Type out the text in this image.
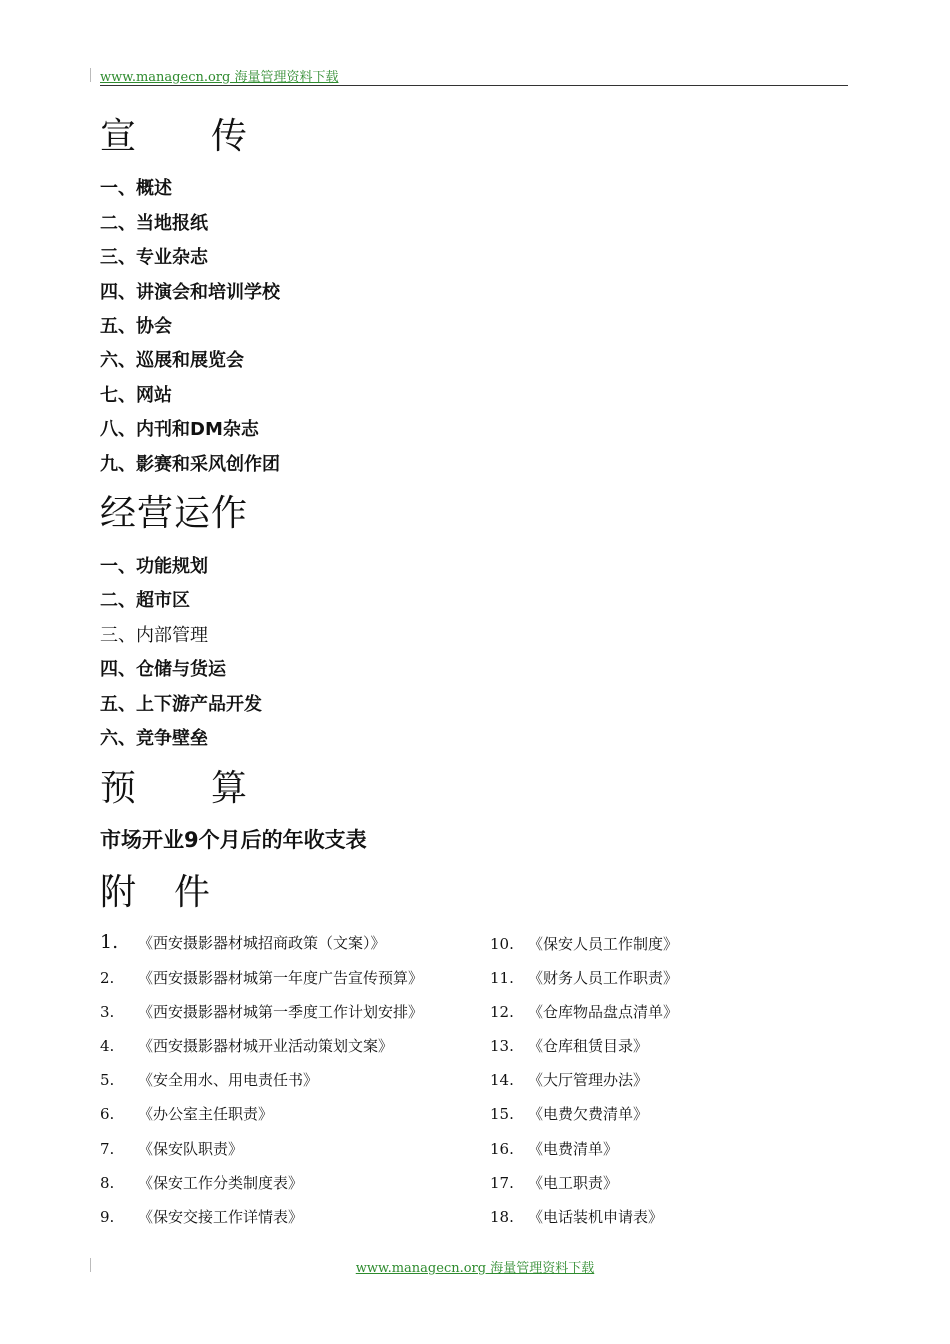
www.managecn.org 海量管理资料下载
宣　　传
一、概述
二、当地报纸
三、专业杂志
四、讲演会和培训学校
五、协会
六、巡展和展览会
七、网站
八、内刊和DM杂志
九、影赛和采风创作团
经营运作
一、功能规划
二、超市区
三、内部管理
四、仓储与货运
五、上下游产品开发
六、竞争壁垒
预　　算
市场开业9个月后的年收支表
附　件
1. 《西安摄影器材城招商政策（文案）》
2. 《西安摄影器材城第一年度广告宣传预算》
3. 《西安摄影器材城第一季度工作计划安排》
4. 《西安摄影器材城开业活动策划文案》
5. 《安全用水、用电责任书》
6. 《办公室主任职责》
7. 《保安队职责》
8. 《保安工作分类制度表》
9. 《保安交接工作详情表》
10. 《保安人员工作制度》
11. 《财务人员工作职责》
12. 《仓库物品盘点清单》
13. 《仓库租赁目录》
14. 《大厅管理办法》
15. 《电费欠费清单》
16. 《电费清单》
17. 《电工职责》
18. 《电话装机申请表》
www.managecn.org 海量管理资料下载
